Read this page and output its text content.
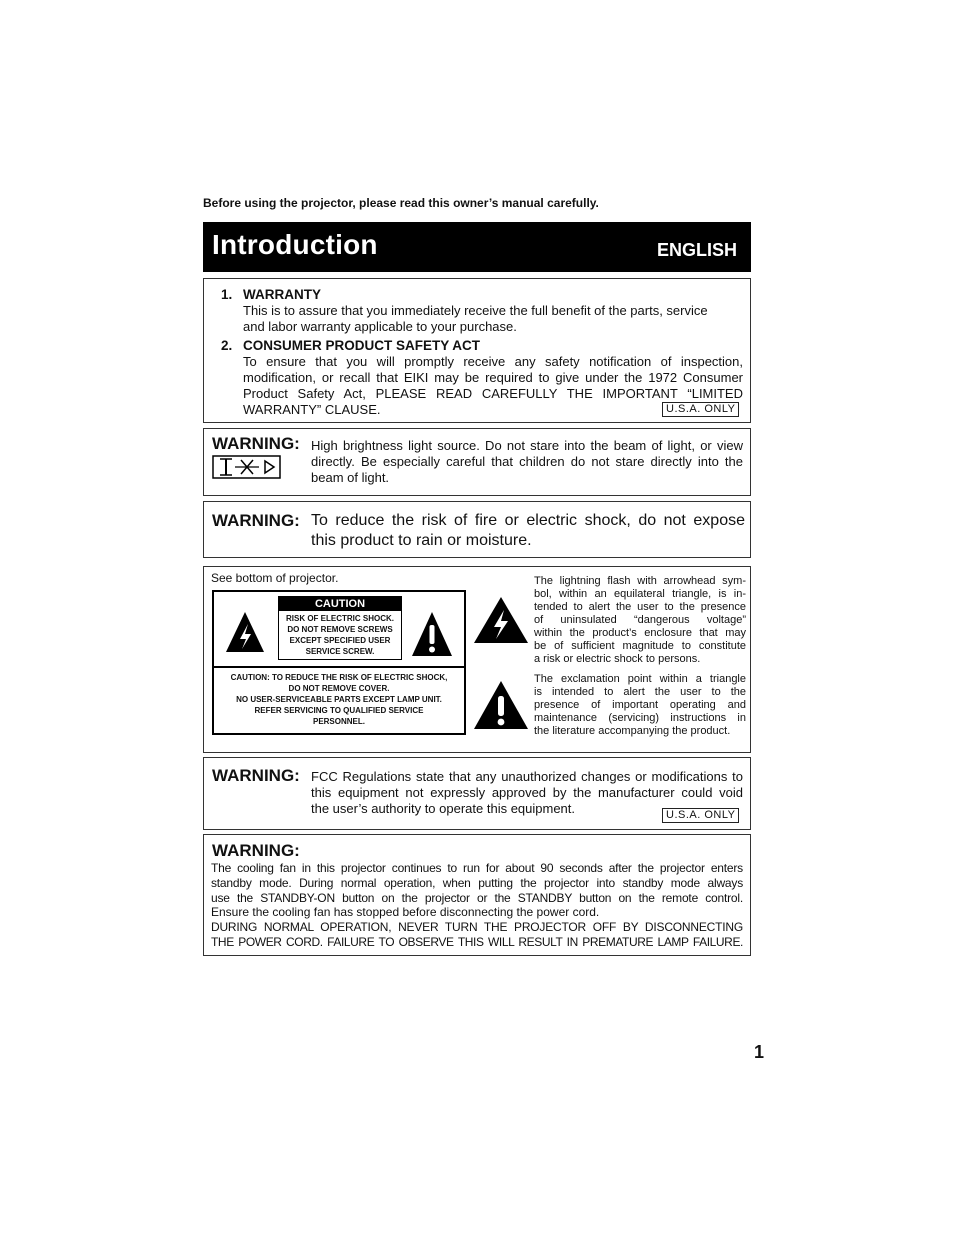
Before using the projector, please read this owner’s manual carefully.
Introduction	ENGLISH
1. WARRANTY
This is to assure that you immediately receive the full benefit of the parts, service
and labor warranty applicable to your purchase.
2. CONSUMER PRODUCT SAFETY ACT
To ensure that you will promptly receive any safety notification of inspection,
modification, or recall that EIKI may be required to give under the 1972 Consumer
Product Safety Act, PLEASE READ CAREFULLY THE IMPORTANT “LIMITED
WARRANTY” CLAUSE.	U.S.A. ONLY
WARNING: High brightness light source. Do not stare into the beam of light, or view
directly. Be especially careful that children do not stare directly into the
beam of light.
WARNING: To reduce the risk of fire or electric shock, do not expose
this product to rain or moisture.
See bottom of projector.
CAUTION
RISK OF ELECTRIC SHOCK.
DO NOT REMOVE SCREWS
EXCEPT SPECIFIED USER
SERVICE SCREW.
CAUTION: TO REDUCE THE RISK OF ELECTRIC SHOCK,
DO NOT REMOVE COVER.
NO USER-SERVICEABLE PARTS EXCEPT LAMP UNIT.
REFER SERVICING TO QUALIFIED SERVICE
PERSONNEL.
The lightning flash with arrowhead sym-
bol, within an equilateral triangle, is in-
tended to alert the user to the presence
of uninsulated “dangerous voltage”
within the product’s enclosure that may
be of sufficient magnitude to constitute
a risk or electric shock to persons.
The exclamation point within a triangle
is intended to alert the user to the
presence of important operating and
maintenance (servicing) instructions in
the literature accompanying the product.
WARNING: FCC Regulations state that any unauthorized changes or modifications to
this equipment not expressly approved by the manufacturer could void
the user’s authority to operate this equipment.	U.S.A. ONLY
WARNING:
The cooling fan in this projector continues to run for about 90 seconds after the projector enters
standby mode. During normal operation, when putting the projector into standby mode always
use the STANDBY-ON button on the projector or the STANDBY button on the remote control.
Ensure the cooling fan has stopped before disconnecting the power cord.
DURING NORMAL OPERATION, NEVER TURN THE PROJECTOR OFF BY DISCONNECTING
THE POWER CORD. FAILURE TO OBSERVE THIS WILL RESULT IN PREMATURE LAMP FAILURE.
1
